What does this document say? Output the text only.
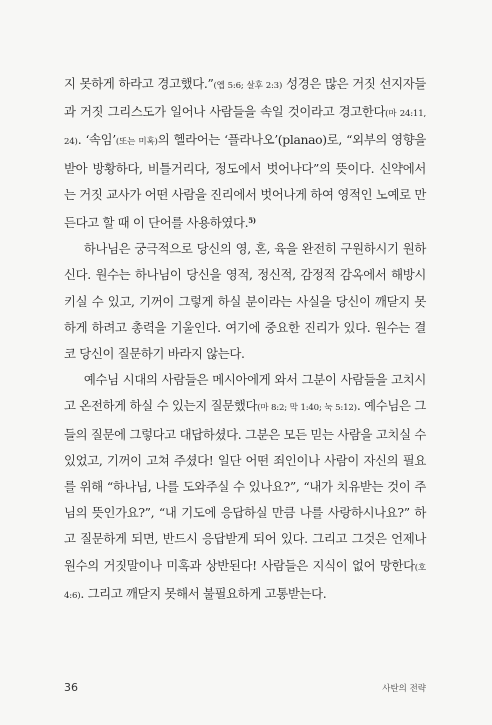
지 못하게 하라고 경고했다.”(엡 5:6; 살후 2:3) 성경은 많은 거짓 선지자들과 거짓 그리스도가 일어나 사람들을 속일 것이라고 경고한다(마 24:11, 24). ‘속임’(또는 미혹)의 헬라어는 ‘플라나오’(planao)로, “외부의 영향을 받아 방황하다, 비틀거리다, 정도에서 벗어나다”의 뜻이다. 신약에서는 거짓 교사가 어떤 사람을 진리에서 벗어나게 하여 영적인 노예로 만든다고 할 때 이 단어를 사용하였다.$^{5)}$

하나님은 궁극적으로 당신의 영, 혼, 육을 완전히 구원하시기 원하신다. 원수는 하나님이 당신을 영적, 정신적, 감정적 감옥에서 해방시키실 수 있고, 기꺼이 그렇게 하실 분이라는 사실을 당신이 깨닫지 못하게 하려고 총력을 기울인다. 여기에 중요한 진리가 있다. 원수는 결코 당신이 질문하기 바라지 않는다.

예수님 시대의 사람들은 메시아에게 와서 그분이 사람들을 고치시고 온전하게 하실 수 있는지 질문했다(마 8:2; 막 1:40; 눅 5:12). 예수님은 그들의 질문에 그렇다고 대답하셨다. 그분은 모든 믿는 사람을 고치실 수 있었고, 기꺼이 고쳐 주셨다! 일단 어떤 죄인이나 사람이 자신의 필요를 위해 “하나님, 나를 도와주실 수 있나요?”, “내가 치유받는 것이 주님의 뜻인가요?”, “내 기도에 응답하실 만큼 나를 사랑하시나요?” 하고 질문하게 되면, 반드시 응답받게 되어 있다. 그리고 그것은 언제나 원수의 거짓말이나 미혹과 상반된다! 사람들은 지식이 없어 망한다(호 4:6). 그리고 깨닫지 못해서 불필요하게 고통받는다.

36	사탄의 전략
